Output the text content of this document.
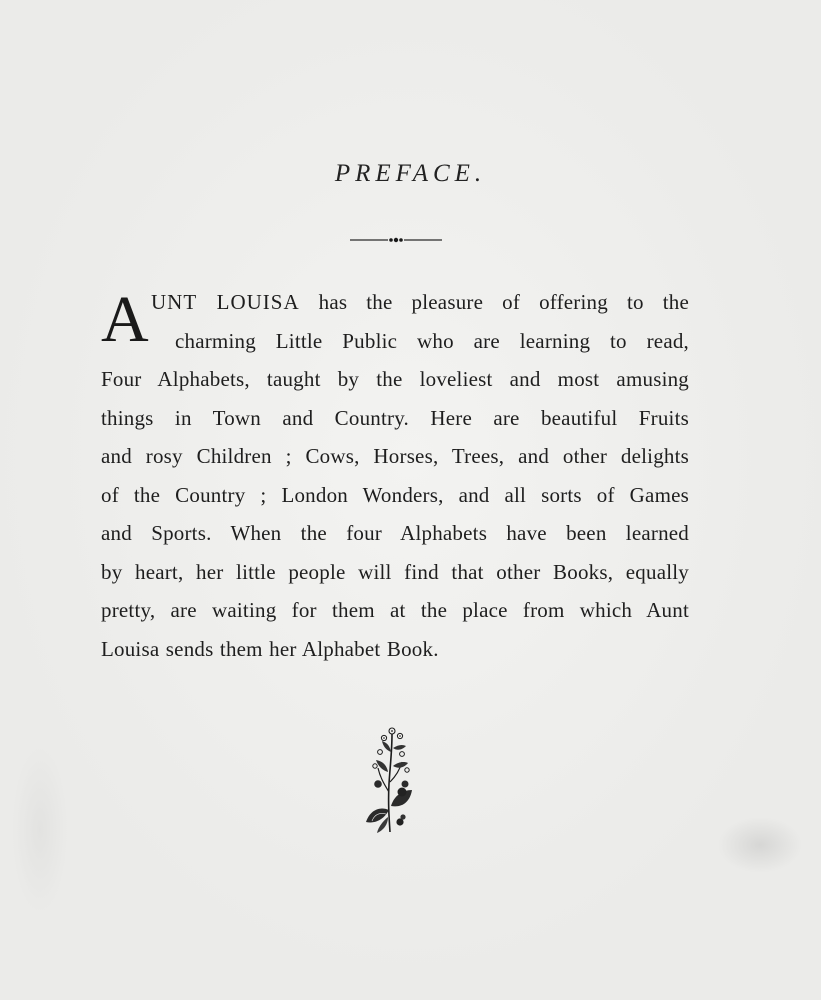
PREFACE.
A UNT LOUISA has the pleasure of offering to the
charming Little Public who are learning to read,
Four Alphabets, taught by the loveliest and most amusing
things in Town and Country. Here are beautiful Fruits
and rosy Children ; Cows, Horses, Trees, and other delights
of the Country ; London Wonders, and all sorts of Games
and Sports. When the four Alphabets have been learned
by heart, her little people will find that other Books, equally
pretty, are waiting for them at the place from which Aunt
Louisa sends them her Alphabet Book.
